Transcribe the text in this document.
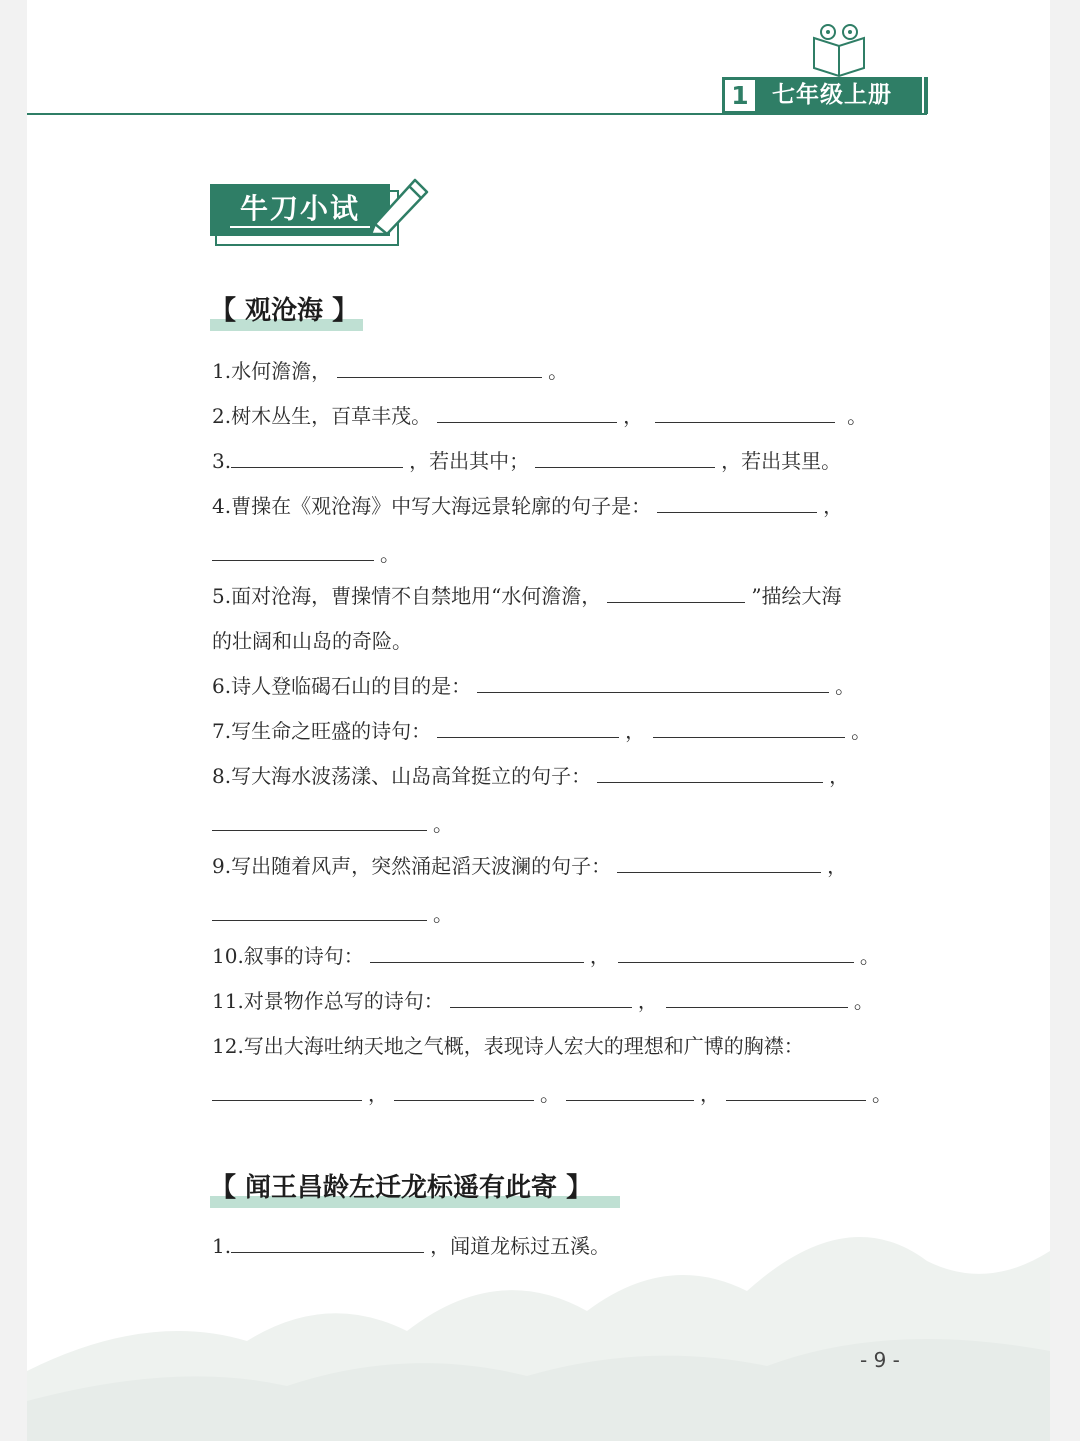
1 七年级上册
牛刀小试
【 观沧海 】
1.水何澹澹，	。
2.树木丛生，百草丰茂。	，	。
3.	，若出其中；	，若出其里。
4.曹操在《观沧海》中写大海远景轮廓的句子是：	，
。
5.面对沧海，曹操情不自禁地用“水何澹澹，	”描绘大海
的壮阔和山岛的奇险。
6.诗人登临碣石山的目的是：	。
7.写生命之旺盛的诗句：	，	。
8.写大海水波荡漾、山岛高耸挺立的句子：	，
。
9.写出随着风声，突然涌起滔天波澜的句子：	，
。
10.叙事的诗句：	，	。
11.对景物作总写的诗句：	，	。
12.写出大海吐纳天地之气概，表现诗人宏大的理想和广博的胸襟：
，	。	，	。
【 闻王昌龄左迁龙标遥有此寄 】
1.	，闻道龙标过五溪。
- 9 -
